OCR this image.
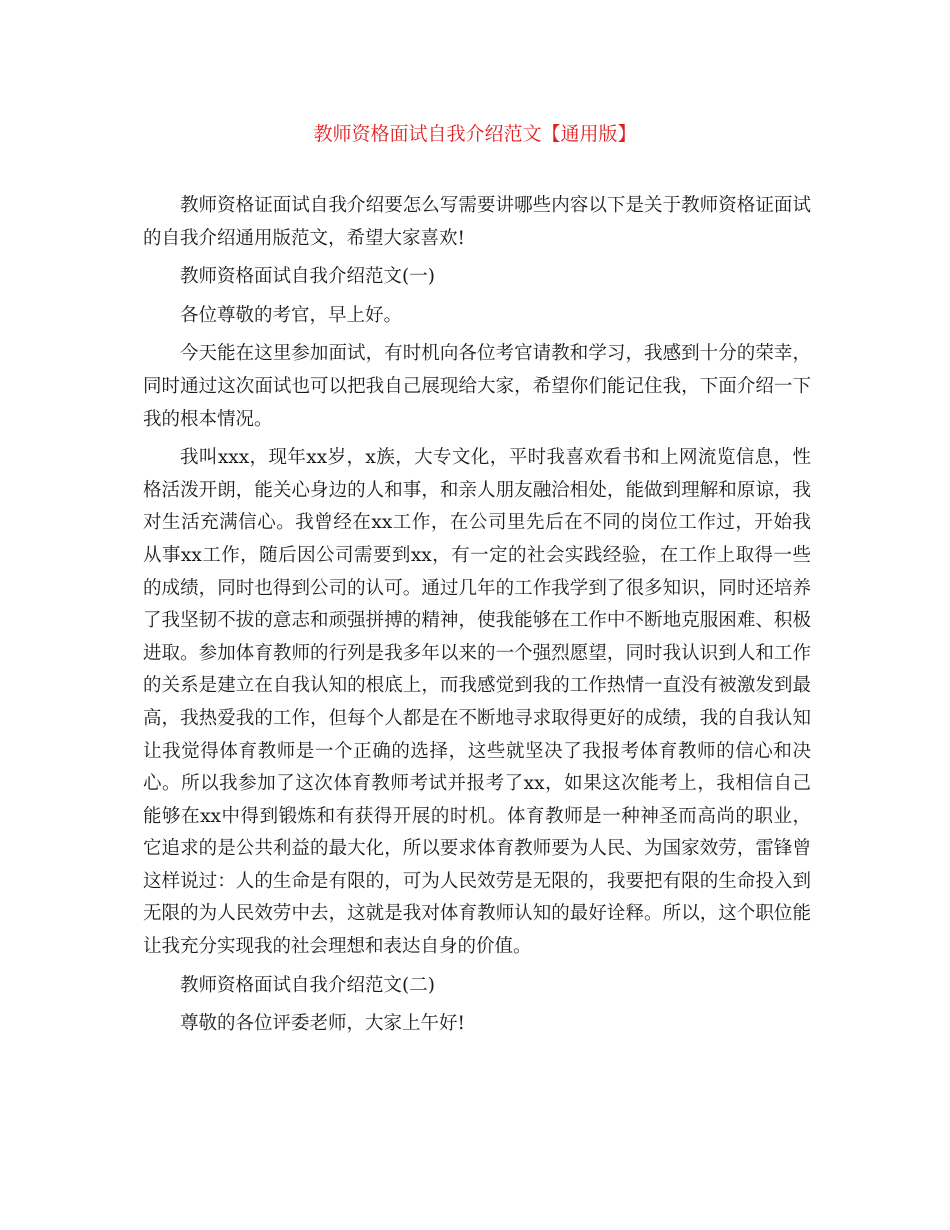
教师资格面试自我介绍范文【通用版】

教师资格证面试自我介绍要怎么写需要讲哪些内容以下是关于教师资格证面试的自我介绍通用版范文，希望大家喜欢!

教师资格面试自我介绍范文(一)

各位尊敬的考官，早上好。

今天能在这里参加面试，有时机向各位考官请教和学习，我感到十分的荣幸，同时通过这次面试也可以把我自己展现给大家，希望你们能记住我，下面介绍一下我的根本情况。

我叫xxx，现年xx岁，x族，大专文化，平时我喜欢看书和上网流览信息，性格活泼开朗，能关心身边的人和事，和亲人朋友融洽相处，能做到理解和原谅，我对生活充满信心。我曾经在xx工作，在公司里先后在不同的岗位工作过，开始我从事xx工作，随后因公司需要到xx，有一定的社会实践经验，在工作上取得一些的成绩，同时也得到公司的认可。通过几年的工作我学到了很多知识，同时还培养了我坚韧不拔的意志和顽强拼搏的精神，使我能够在工作中不断地克服困难、积极进取。参加体育教师的行列是我多年以来的一个强烈愿望，同时我认识到人和工作的关系是建立在自我认知的根底上，而我感觉到我的工作热情一直没有被激发到最高，我热爱我的工作，但每个人都是在不断地寻求取得更好的成绩，我的自我认知让我觉得体育教师是一个正确的选择，这些就坚决了我报考体育教师的信心和决心。所以我参加了这次体育教师考试并报考了xx，如果这次能考上，我相信自己能够在xx中得到锻炼和有获得开展的时机。体育教师是一种神圣而高尚的职业，它追求的是公共利益的最大化，所以要求体育教师要为人民、为国家效劳，雷锋曾这样说过：人的生命是有限的，可为人民效劳是无限的，我要把有限的生命投入到无限的为人民效劳中去，这就是我对体育教师认知的最好诠释。所以，这个职位能让我充分实现我的社会理想和表达自身的价值。

教师资格面试自我介绍范文(二)

尊敬的各位评委老师，大家上午好!
